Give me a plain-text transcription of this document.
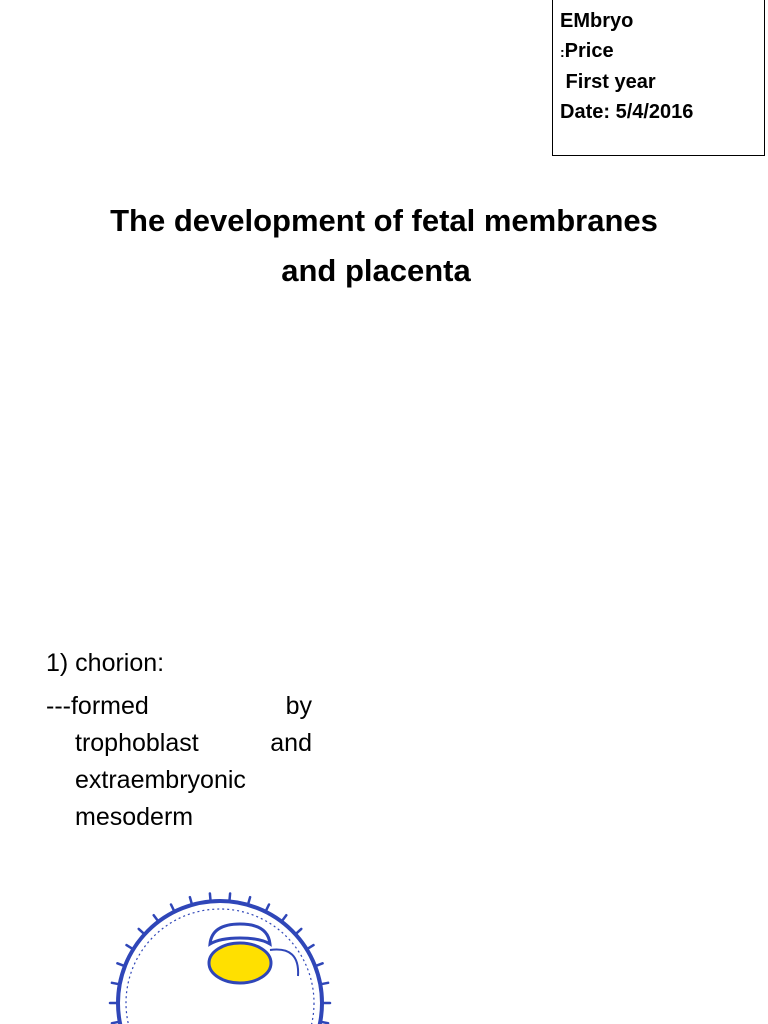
EMbryo
:Price
First year
Date: 5/4/2016
The development of fetal membranes
and placenta
1) chorion:
---formed	by
trophoblast	and
extraembryonic
mesoderm
